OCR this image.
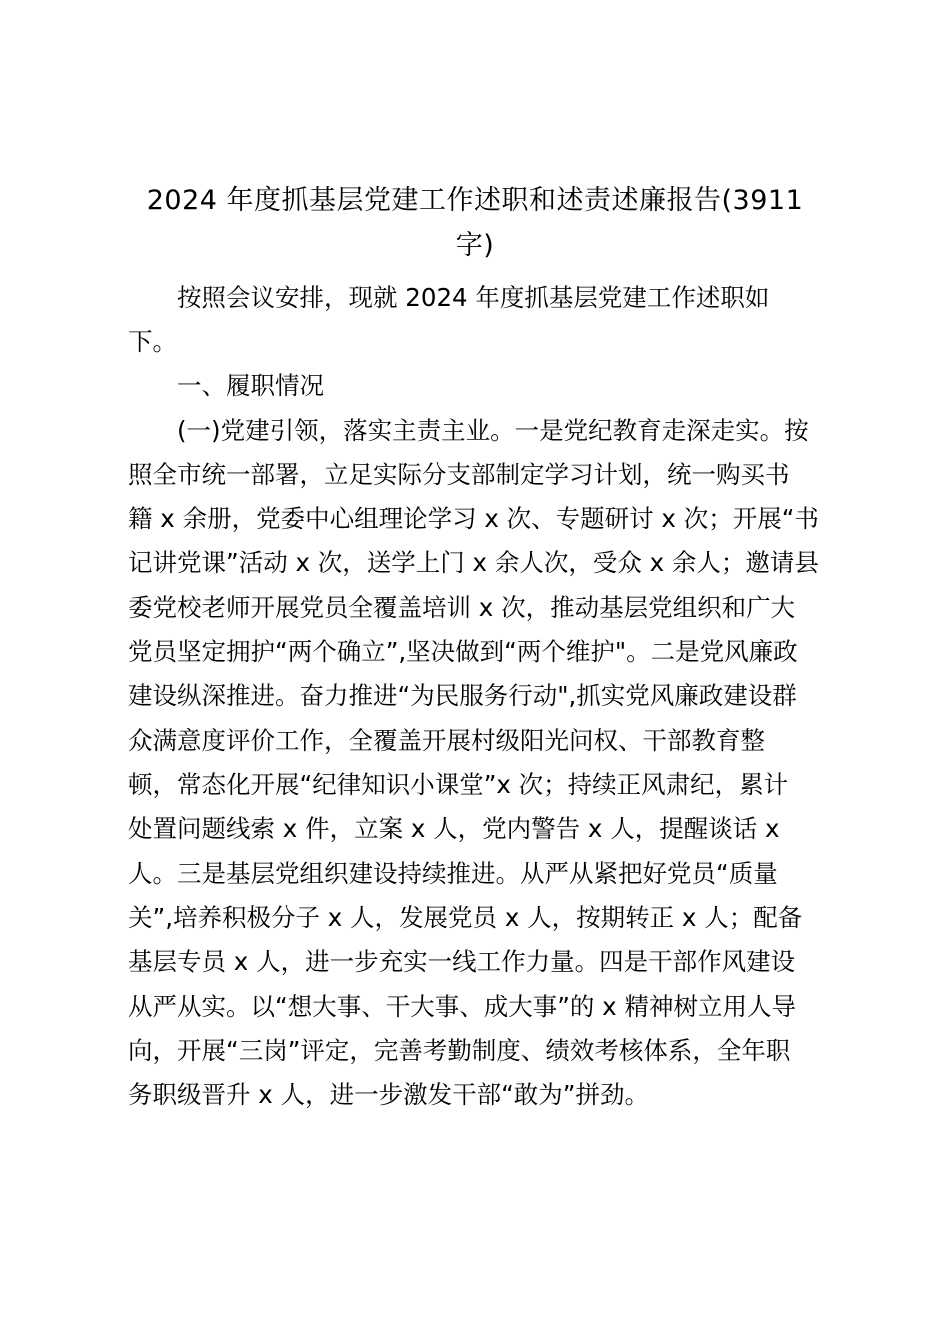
2024 年度抓基层党建工作述职和述责述廉报告(3911
字)
按照会议安排，现就 2024 年度抓基层党建工作述职如
下。
一、履职情况
(一)党建引领，落实主责主业。一是党纪教育走深走实。按
照全市统一部署，立足实际分支部制定学习计划，统一购买书
籍 x 余册，党委中心组理论学习 x 次、专题研讨 x 次；开展“书
记讲党课”活动 x 次，送学上门 x 余人次，受众 x 余人；邀请县
委党校老师开展党员全覆盖培训 x 次，推动基层党组织和广大
党员坚定拥护“两个确立”,坚决做到“两个维护"。二是党风廉政
建设纵深推进。奋力推进“为民服务行动",抓实党风廉政建设群
众满意度评价工作，全覆盖开展村级阳光问权、干部教育整
顿，常态化开展“纪律知识小课堂”x 次；持续正风肃纪，累计
处置问题线索 x 件，立案 x 人，党内警告 x 人，提醒谈话 x
人。三是基层党组织建设持续推进。从严从紧把好党员“质量
关”,培养积极分子 x 人，发展党员 x 人，按期转正 x 人；配备
基层专员 x 人，进一步充实一线工作力量。四是干部作风建设
从严从实。以“想大事、干大事、成大事”的 x 精神树立用人导
向，开展“三岗”评定，完善考勤制度、绩效考核体系，全年职
务职级晋升 x 人，进一步激发干部“敢为”拼劲。
